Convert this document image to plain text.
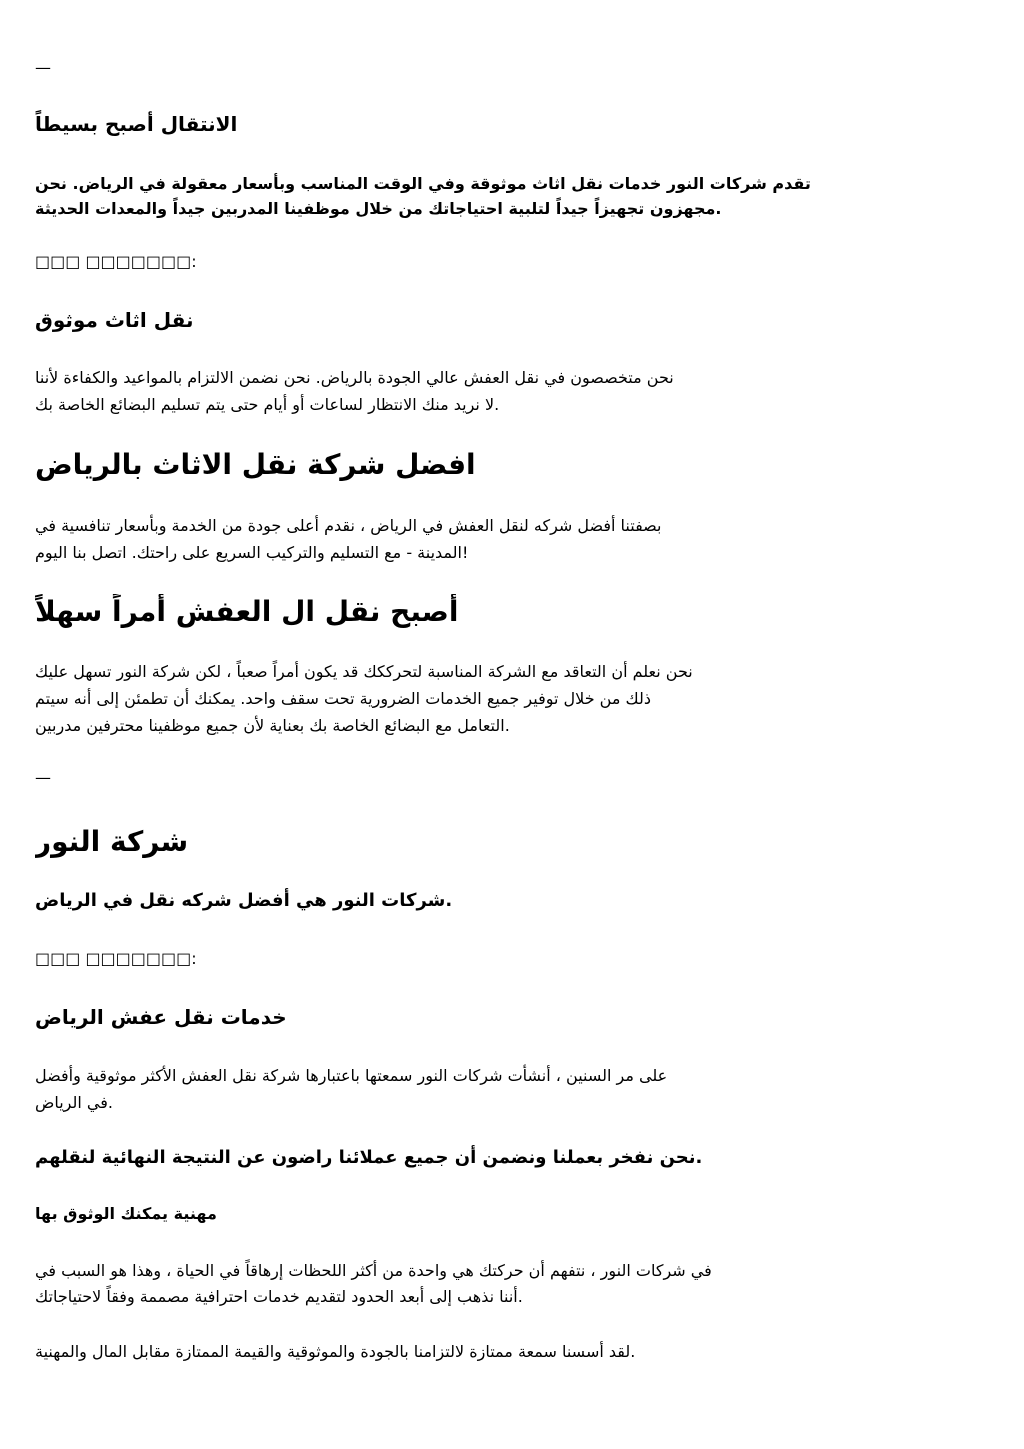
—

الانتقال أصبح بسيطاً

تقدم شركات النور خدمات نقل اثاث موثوقة وفي الوقت المناسب وبأسعار معقولة في الرياض. نحن

مجهزون تجهيزاً جيداً لتلبية احتياجاتك من خلال موظفينا المدربين جيداً والمعدات الحديثة.

□□□ □□□□□□□:

نقل اثاث موثوق

نحن متخصصون في نقل العفش عالي الجودة بالرياض. نحن نضمن الالتزام بالمواعيد والكفاءة لأننا

لا نريد منك الانتظار لساعات أو أيام حتى يتم تسليم البضائع الخاصة بك.

افضل شركة نقل الاثاث بالرياض

بصفتنا أفضل شركه لنقل العفش في الرياض ، نقدم أعلى جودة من الخدمة وبأسعار تنافسية في

المدينة - مع التسليم والتركيب السريع على راحتك. اتصل بنا اليوم!

أصبح نقل ال العفش أمراً سهلاً

نحن نعلم أن التعاقد مع الشركة المناسبة لتحرككك قد يكون أمراً صعباً ، لكن شركة النور تسهل عليك

ذلك من خلال توفير جميع الخدمات الضرورية تحت سقف واحد. يمكنك أن تطمئن إلى أنه سيتم

التعامل مع البضائع الخاصة بك بعناية لأن جميع موظفينا محترفين مدربين.

—

شركة النور

شركات النور هي أفضل شركه نقل في الرياض.

□□□ □□□□□□□:

خدمات نقل عفش الرياض

على مر السنين ، أنشأت شركات النور سمعتها باعتبارها شركة نقل العفش الأكثر موثوقية وأفضل

في الرياض.

نحن نفخر بعملنا ونضمن أن جميع عملائنا راضون عن النتيجة النهائية لنقلهم.

مهنية يمكنك الوثوق بها

في شركات النور ، نتفهم أن حركتك هي واحدة من أكثر اللحظات إرهاقاً في الحياة ، وهذا هو السبب في

أننا نذهب إلى أبعد الحدود لتقديم خدمات احترافية مصممة وفقاً لاحتياجاتك.

لقد أسسنا سمعة ممتازة لالتزامنا بالجودة والموثوقية والقيمة الممتازة مقابل المال والمهنية.
